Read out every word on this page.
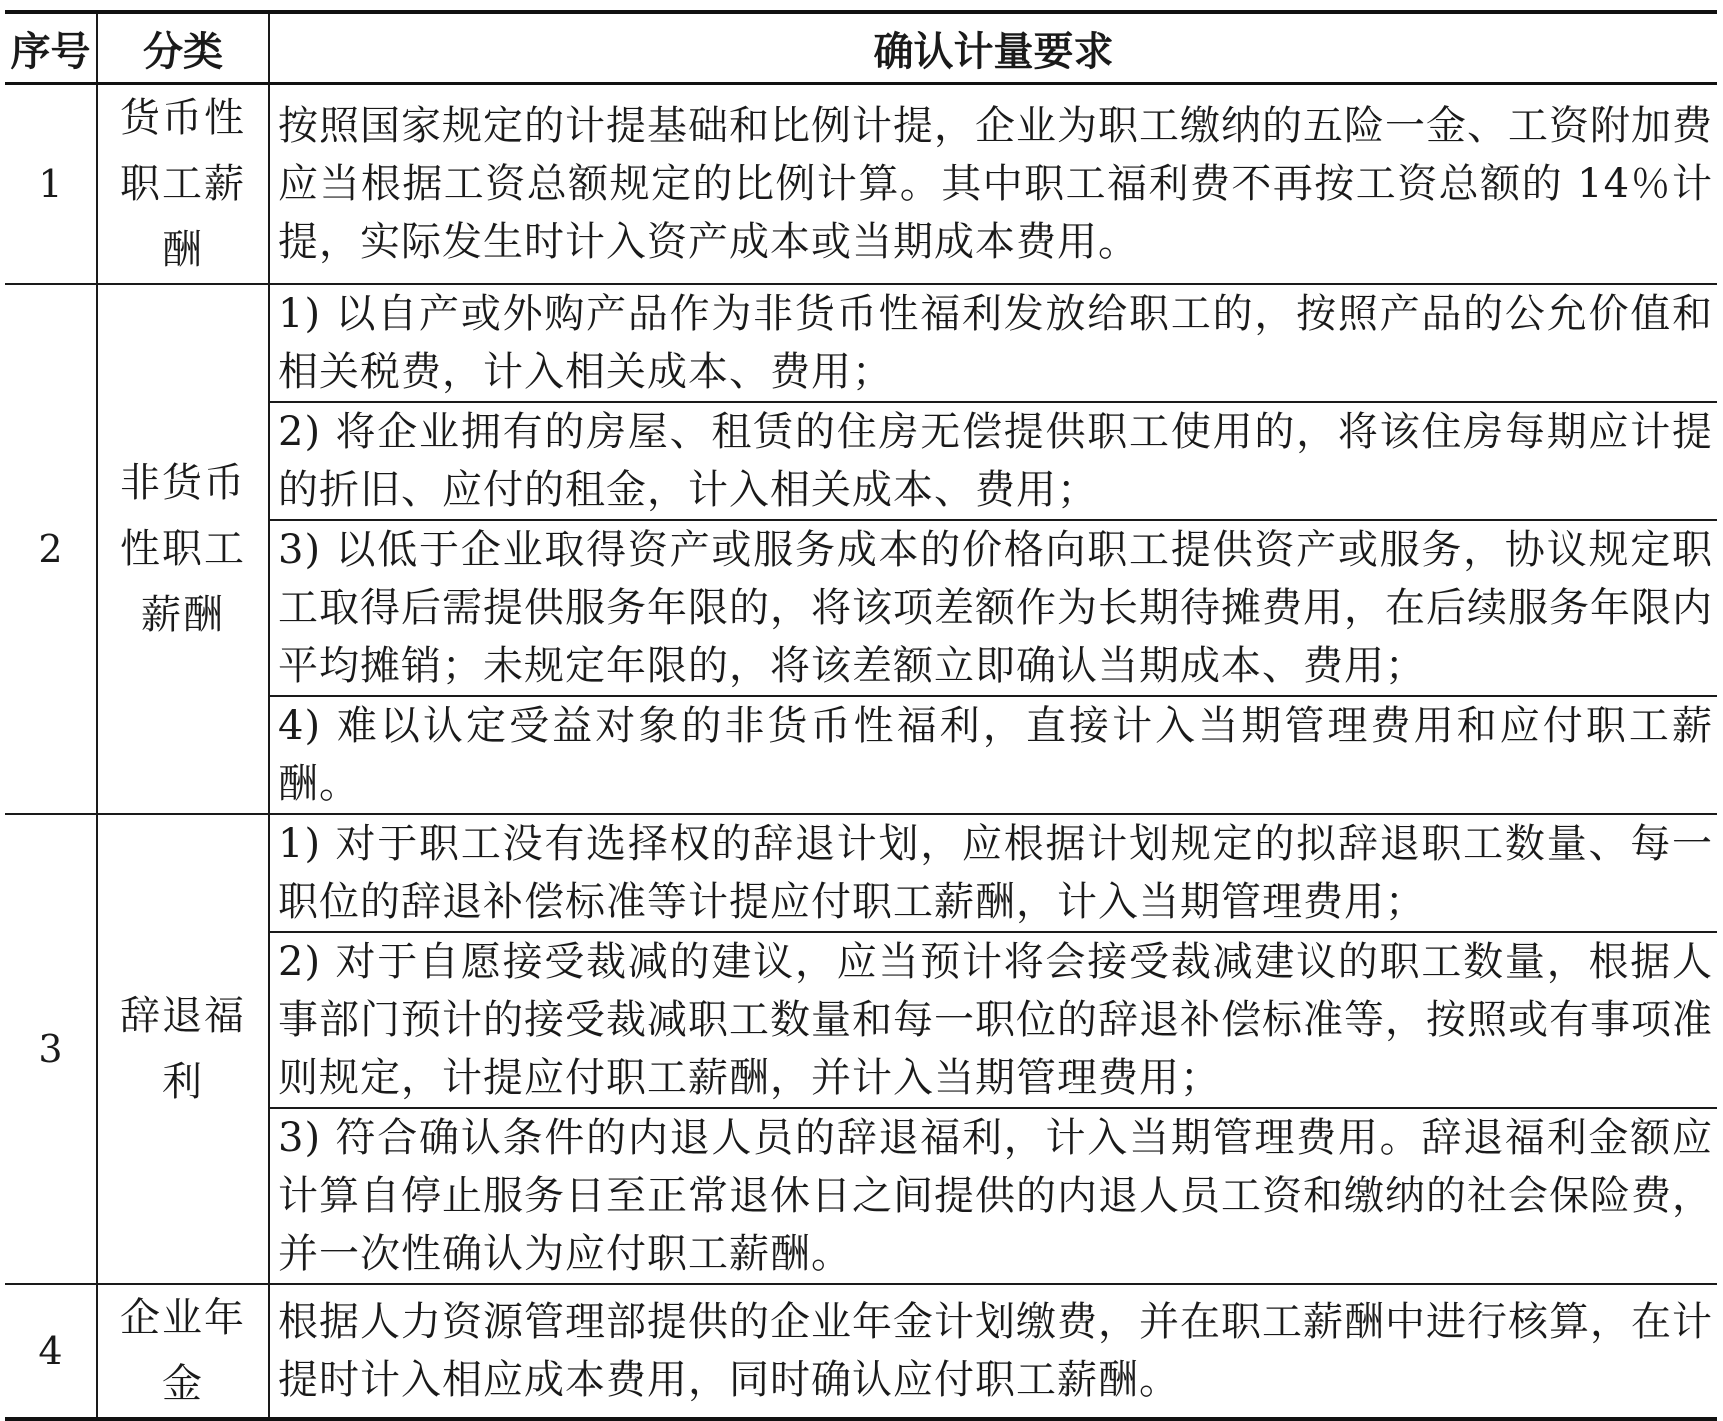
序号	分类	确认计量要求
1	货币性职工薪酬	按照国家规定的计提基础和比例计提，企业为职工缴纳的五险一金、工资附加费应当根据工资总额规定的比例计算。其中职工福利费不再按工资总额的 14％计提，实际发生时计入资产成本或当期成本费用。
2	非货币性职工薪酬	1) 以自产或外购产品作为非货币性福利发放给职工的，按照产品的公允价值和相关税费，计入相关成本、费用；
		2) 将企业拥有的房屋、租赁的住房无偿提供职工使用的，将该住房每期应计提的折旧、应付的租金，计入相关成本、费用；
		3) 以低于企业取得资产或服务成本的价格向职工提供资产或服务，协议规定职工取得后需提供服务年限的，将该项差额作为长期待摊费用，在后续服务年限内平均摊销；未规定年限的，将该差额立即确认当期成本、费用；
		4) 难以认定受益对象的非货币性福利，直接计入当期管理费用和应付职工薪酬。
3	辞退福利	1) 对于职工没有选择权的辞退计划，应根据计划规定的拟辞退职工数量、每一职位的辞退补偿标准等计提应付职工薪酬，计入当期管理费用；
		2) 对于自愿接受裁减的建议，应当预计将会接受裁减建议的职工数量，根据人事部门预计的接受裁减职工数量和每一职位的辞退补偿标准等，按照或有事项准则规定，计提应付职工薪酬，并计入当期管理费用；
		3) 符合确认条件的内退人员的辞退福利，计入当期管理费用。辞退福利金额应计算自停止服务日至正常退休日之间提供的内退人员工资和缴纳的社会保险费，并一次性确认为应付职工薪酬。
4	企业年金	根据人力资源管理部提供的企业年金计划缴费，并在职工薪酬中进行核算，在计提时计入相应成本费用，同时确认应付职工薪酬。
